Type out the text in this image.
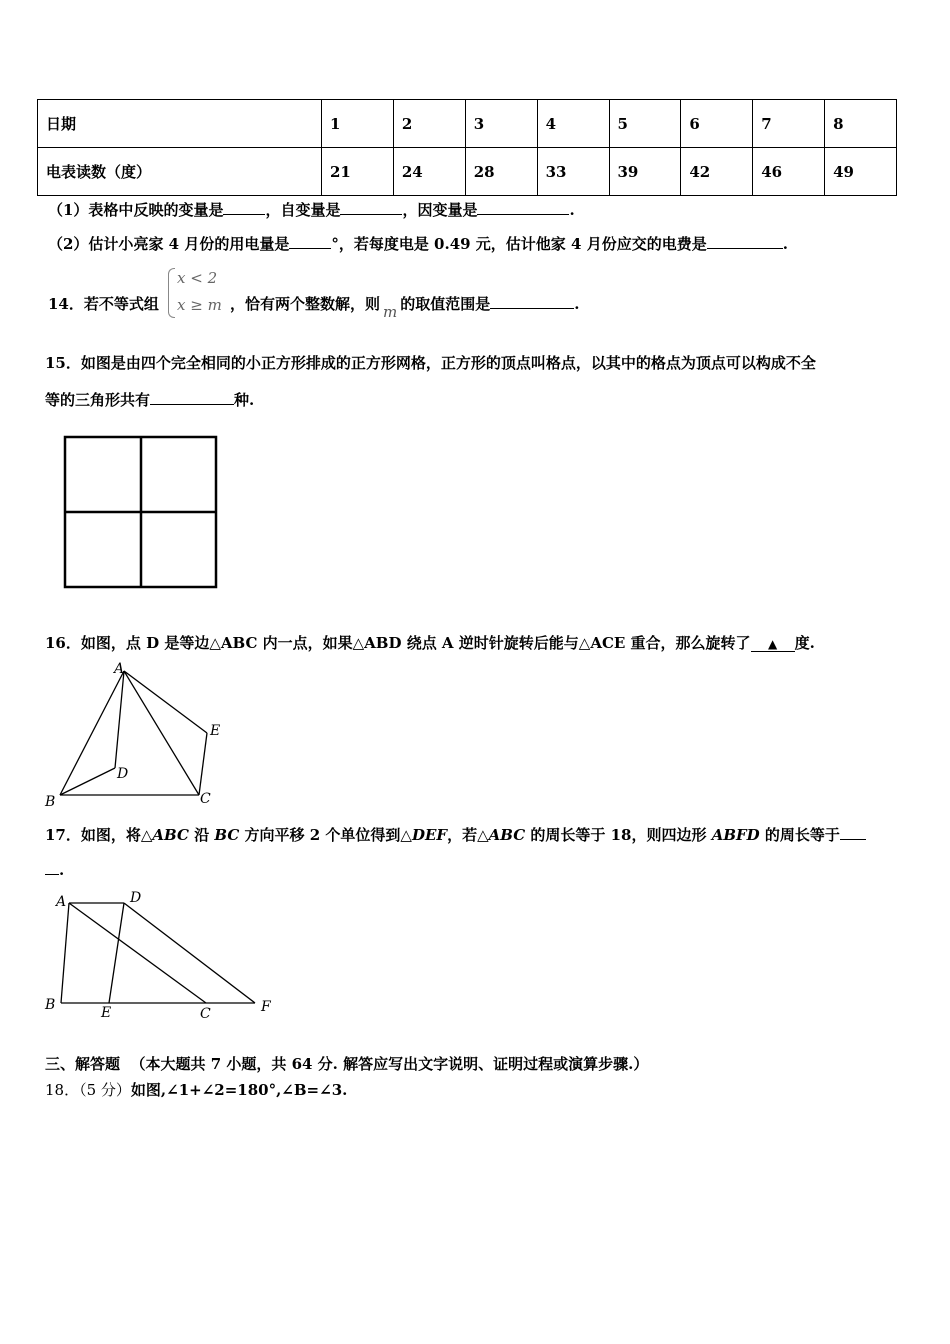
日期	1	2	3	4	5	6	7	8
电表读数（度）	21	24	28	33	39	42	46	49
（1）表格中反映的变量是	，自变量是	，因变量是	.
（2）估计小亮家 4 月份的用电量是	°，若每度电是 0.49 元，估计他家 4 月份应交的电费是	.
14．若不等式组
x < 2
x ≥ m ，恰有两个整数解，则 m 的取值范围是	.
15．如图是由四个完全相同的小正方形排成的正方形网格，正方形的顶点叫格点，以其中的格点为顶点可以构成不全
等的三角形共有	种.
16．如图，点 D 是等边△ABC 内一点，如果△ABD 绕点 A 逆时针旋转后能与△ACE 重合，那么旋转了 ▲ 度.
A
B	C
D
E
17．如图，将△ABC 沿 BC 方向平移 2 个单位得到△DEF，若△ABC 的周长等于 18，则四边形 ABFD 的周长等于
.
A	D
B	E	C	F
三、解答题 （本大题共 7 小题，共 64 分. 解答应写出文字说明、证明过程或演算步骤.）
18．（5 分）如图,∠1+∠2=180°,∠B=∠3.
